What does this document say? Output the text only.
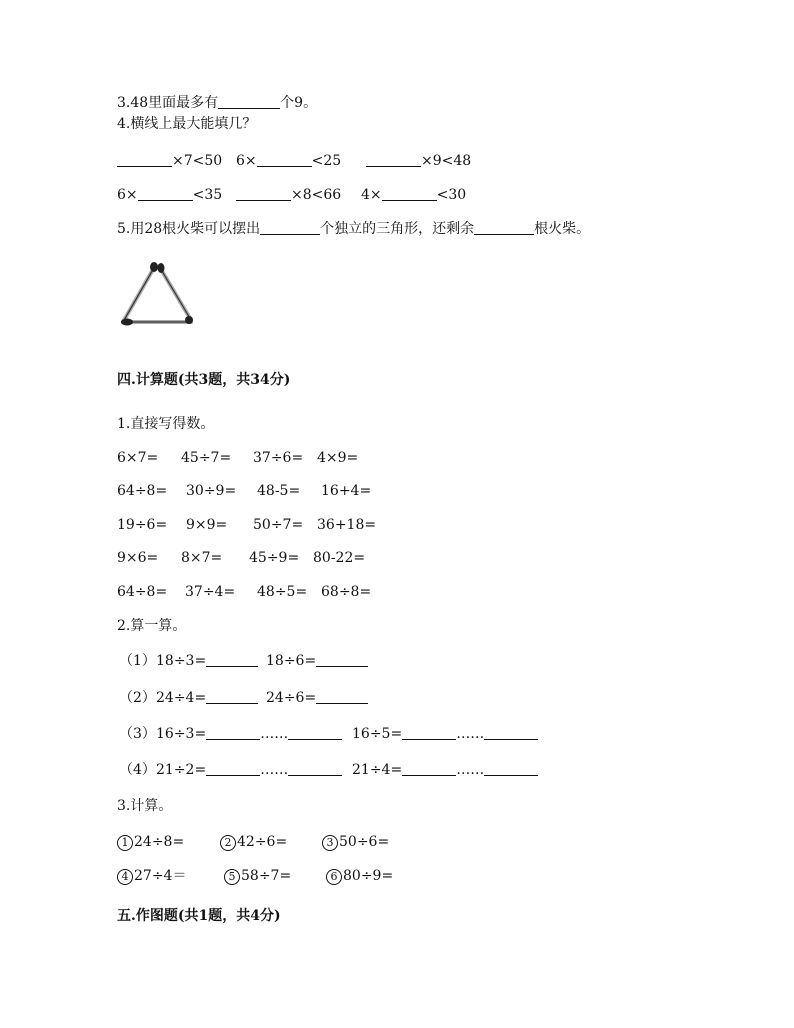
3.48里面最多有	个9。
4.横线上最大能填几？
×7<50 6×	<25	×9<48
6×	<35	×8<66 4×	<30
5.用28根火柴可以摆出	个独立的三角形，还剩余	根火柴。
四.计算题(共3题，共34分)
1.直接写得数。
6×7= 45÷7= 37÷6= 4×9=
64÷8= 30÷9= 48-5= 16+4=
19÷6= 9×9= 50÷7= 36+18=
9×6= 8×7= 45÷9= 80-22=
64÷8= 37÷4= 48÷5= 68÷8=
2.算一算。
（1） 18÷3=	18÷6=
（2） 24÷4=	24÷6=
（3） 16÷3=	……	16÷5=	……
（4） 21÷2=	……	21÷4=	……
3.计算。
1 24÷8=	2 42÷6=	3 50÷6=
4 27÷4＝	5 58÷7=	6 80÷9=
五.作图题(共1题，共4分)
